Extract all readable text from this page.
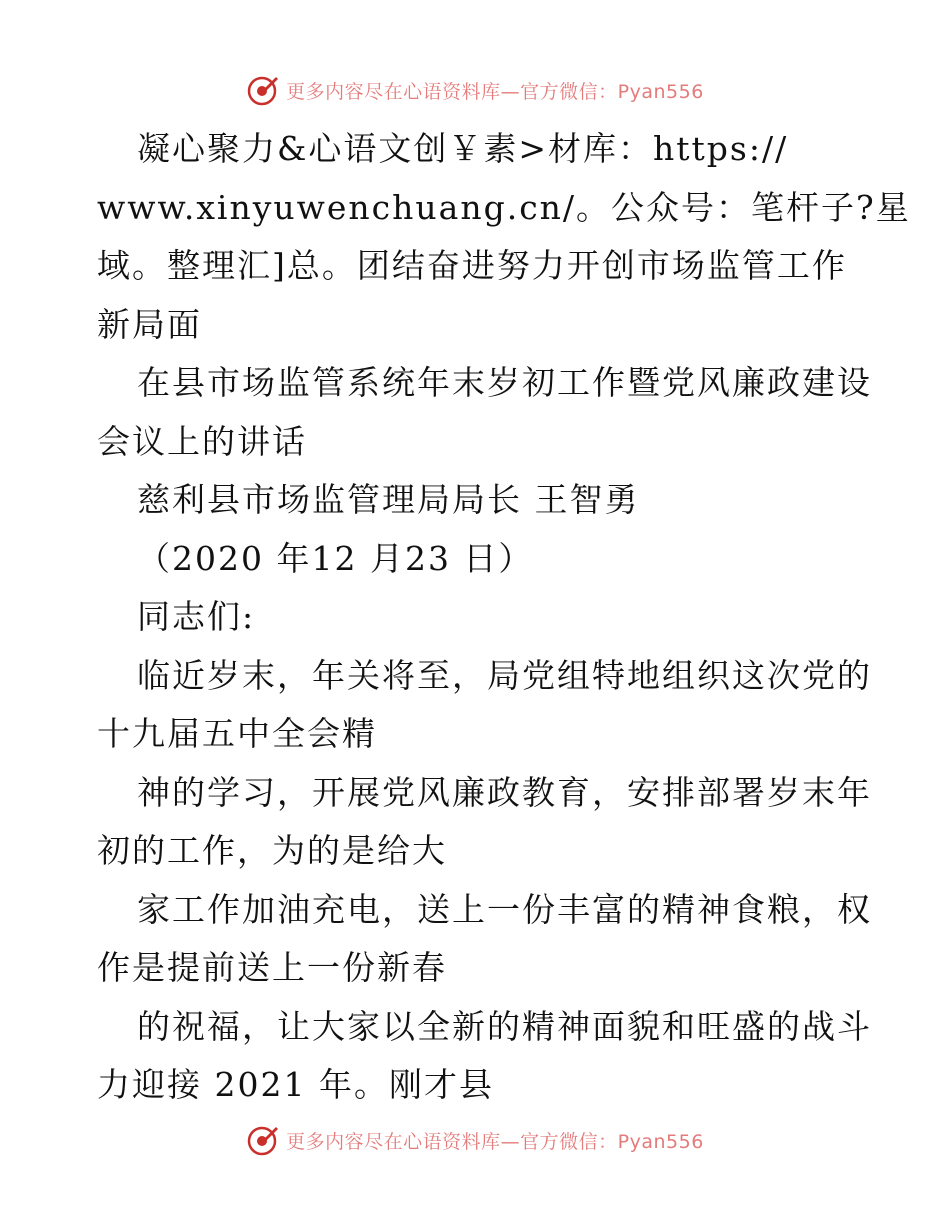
更多内容尽在心语资料库—官方微信：Pyan556
凝心聚力&心语文创￥素>材库：https://
www.xinyuwenchuang.cn/。公众号：笔杆子?星
域。整理汇]总。团结奋进努力开创市场监管工作
新局面
在县市场监管系统年末岁初工作暨党风廉政建设
会议上的讲话
慈利县市场监管理局局长 王智勇
（2020 年12 月23 日）
同志们:
临近岁末，年关将至，局党组特地组织这次党的
十九届五中全会精
神的学习，开展党风廉政教育，安排部署岁末年
初的工作，为的是给大
家工作加油充电，送上一份丰富的精神食粮，权
作是提前送上一份新春
的祝福，让大家以全新的精神面貌和旺盛的战斗
力迎接 2021 年。刚才县
更多内容尽在心语资料库—官方微信：Pyan556
